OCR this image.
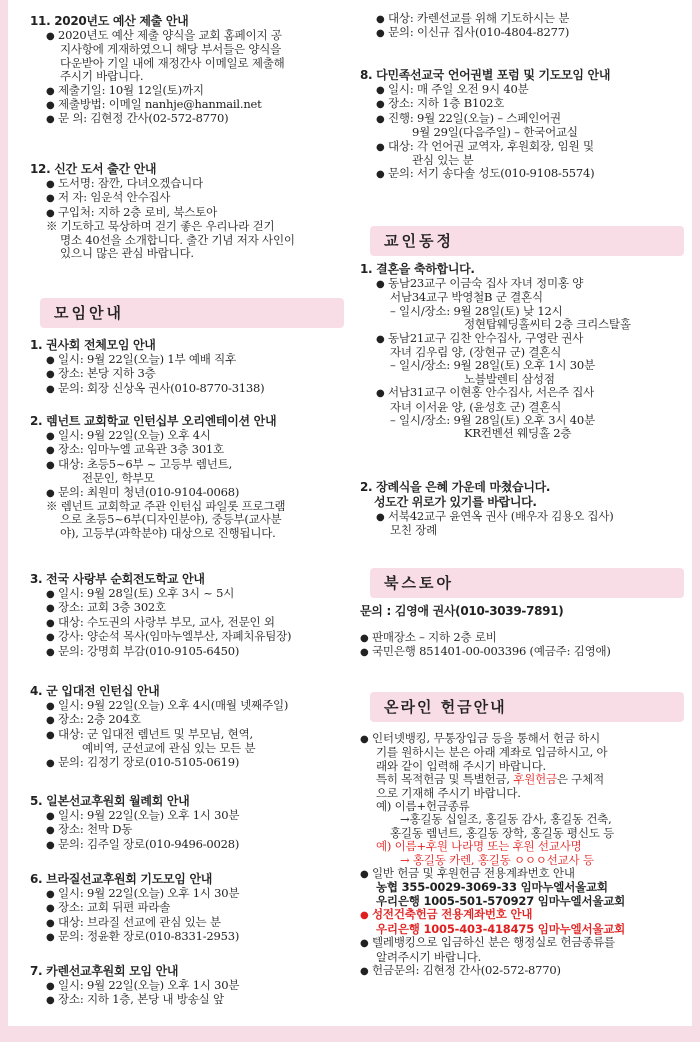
11. 2020년도 예산 제출 안내
● 2020년도 예산 제출 양식을 교회 홈페이지 공
지사항에 게재하였으니 해당 부서들은 양식을
다운받아 기일 내에 재정간사 이메일로 제출해
주시기 바랍니다.
● 제출기일: 10월 12일(토)까지
● 제출방법: 이메일 nanhje@hanmail.net
● 문 의: 김현정 간사(02-572-8770)
12. 신간 도서 출간 안내
● 도서명: 잠깐, 다녀오겠습니다
● 저 자: 임운석 안수집사
● 구입처: 지하 2층 로비, 북스토아
※ 기도하고 묵상하며 걷기 좋은 우리나라 걷기
명소 40선을 소개합니다. 출간 기념 저자 사인이
있으니 많은 관심 바랍니다.
모임안내
1. 권사회 전체모임 안내
● 일시: 9월 22일(오늘) 1부 예배 직후
● 장소: 본당 지하 3층
● 문의: 회장 신상옥 권사(010-8770-3138)
2. 렘넌트 교회학교 인턴십부 오리엔테이션 안내
● 일시: 9월 22일(오늘) 오후 4시
● 장소: 임마누엘 교육관 3층 301호
● 대상: 초등5~6부 ~ 고등부 렘넌트,
전문인, 학부모
● 문의: 최원미 청년(010-9104-0068)
※ 렘넌트 교회학교 주관 인턴십 파일롯 프로그램
으로 초등5~6부(디자인분야), 중등부(교사분
야), 고등부(과학분야) 대상으로 진행됩니다.
3. 전국 사랑부 순회전도학교 안내
● 일시: 9월 28일(토) 오후 3시 ~ 5시
● 장소: 교회 3층 302호
● 대상: 수도권의 사랑부 부모, 교사, 전문인 외
● 강사: 양순석 목사(임마누엘부산, 자폐치유팀장)
● 문의: 강명희 부감(010-9105-6450)
4. 군 입대전 인턴십 안내
● 일시: 9월 22일(오늘) 오후 4시(매월 넷째주일)
● 장소: 2층 204호
● 대상: 군 입대전 렘넌트 및 부모님, 현역,
예비역, 군선교에 관심 있는 모든 분
● 문의: 김정기 장로(010-5105-0619)
5. 일본선교후원회 월례회 안내
● 일시: 9월 22일(오늘) 오후 1시 30분
● 장소: 천막 D동
● 문의: 김주일 장로(010-9496-0028)
6. 브라질선교후원회 기도모임 안내
● 일시: 9월 22일(오늘) 오후 1시 30분
● 장소: 교회 뒤편 파라솔
● 대상: 브라질 선교에 관심 있는 분
● 문의: 정윤환 장로(010-8331-2953)
7. 카렌선교후원회 모임 안내
● 일시: 9월 22일(오늘) 오후 1시 30분
● 장소: 지하 1층, 본당 내 방송실 앞
● 대상: 카렌선교를 위해 기도하시는 분
● 문의: 이신규 집사(010-4804-8277)
8. 다민족선교국 언어권별 포럼 및 기도모임 안내
● 일시: 매 주일 오전 9시 40분
● 장소: 지하 1층 B102호
● 진행: 9월 22일(오늘) – 스페인어권
9월 29일(다음주일) – 한국어교실
● 대상: 각 언어권 교역자, 후원회장, 임원 및
관심 있는 분
● 문의: 서기 송다솔 성도(010-9108-5574)
교인동정
1. 결혼을 축하합니다.
● 동남23교구 이금숙 집사 자녀 정미홍 양
서남34교구 박영철B 군 결혼식
– 일시/장소: 9월 28일(토) 낮 12시
정현탑웨딩홀씨티 2층 크리스탈홀
● 동남21교구 김찬 안수집사, 구영란 권사
자녀 김우림 양, (장현규 군) 결혼식
– 일시/장소: 9월 28일(토) 오후 1시 30분
노블발렌티 삼성점
● 서남31교구 이현홍 안수집사, 서은주 집사
자녀 이서윤 양, (윤성호 군) 결혼식
– 일시/장소: 9월 28일(토) 오후 3시 40분
KR컨벤션 웨딩홀 2층
2. 장례식을 은혜 가운데 마쳤습니다.
성도간 위로가 있기를 바랍니다.
● 서북42교구 윤연옥 권사 (배우자 김용오 집사)
모친 장례
북스토아
문의 : 김영애 권사(010-3039-7891)
● 판매장소 – 지하 2층 로비
● 국민은행 851401-00-003396 (예금주: 김영애)
온라인 헌금안내
● 인터넷뱅킹, 무통장입금 등을 통해서 헌금 하시
기를 원하시는 분은 아래 계좌로 입금하시고, 아
래와 같이 입력해 주시기 바랍니다.
특히 목적헌금 및 특별헌금, 후원헌금은 구체적
으로 기재해 주시기 바랍니다.
예) 이름+헌금종류
→홍길동 십일조, 홍길동 감사, 홍길동 건축,
홍길동 렘넌트, 홍길동 장학, 홍길동 평신도 등
예) 이름+후원 나라명 또는 후원 선교사명
→ 홍길동 카렌, 홍길동 ㅇㅇㅇ선교사 등
● 일반 헌금 및 후원헌금 전용계좌번호 안내
농협 355-0029-3069-33 임마누엘서울교회
우리은행 1005-501-570927 임마누엘서울교회
● 성전건축헌금 전용계좌번호 안내
우리은행 1005-403-418475 임마누엘서울교회
● 텔레뱅킹으로 입금하신 분은 행정실로 헌금종류를
알려주시기 바랍니다.
● 헌금문의: 김현정 간사(02-572-8770)
